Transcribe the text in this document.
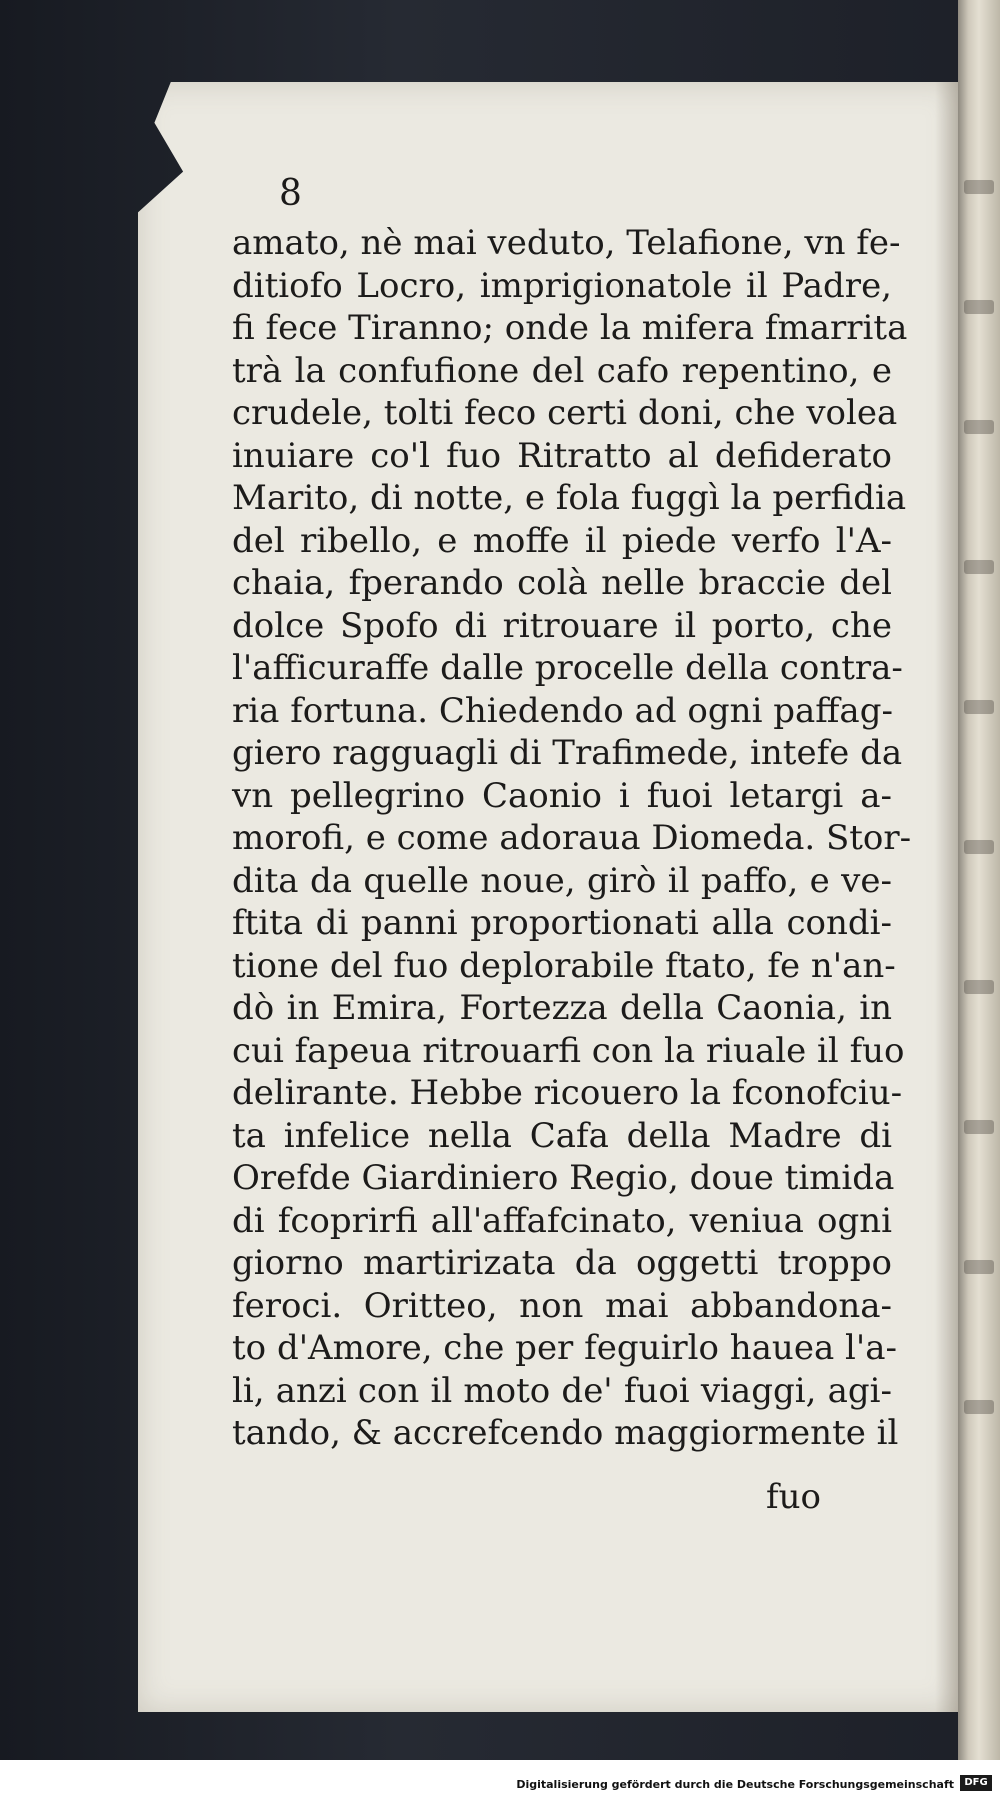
8
amato, nè mai veduto, Telafione, vn fe-
ditiofo Locro, imprigionatole il Padre,
fi fece Tiranno; onde la mifera fmarrita
trà la confufione del cafo repentino, e
crudele, tolti feco certi doni, che volea
inuiare co'l fuo Ritratto al defiderato
Marito, di notte, e fola fuggì la perfidia
del ribello, e moffe il piede verfo l'A-
chaia, fperando colà nelle braccie del
dolce Spofo di ritrouare il porto, che
l'afficuraffe dalle procelle della contra-
ria fortuna. Chiedendo ad ogni paffag-
giero ragguagli di Trafimede, intefe da
vn pellegrino Caonio i fuoi letargi a-
morofi, e come adoraua Diomeda. Stor-
dita da quelle noue, girò il paffo, e ve-
ftita di panni proportionati alla condi-
tione del fuo deplorabile ftato, fe n'an-
dò in Emira, Fortezza della Caonia, in
cui fapeua ritrouarfi con la riuale il fuo
delirante. Hebbe ricouero la fconofciu-
ta infelice nella Cafa della Madre di
Orefde Giardiniero Regio, doue timida
di fcoprirfi all'affafcinato, veniua ogni
giorno martirizata da oggetti troppo
feroci. Oritteo, non mai abbandona-
to d'Amore, che per feguirlo hauea l'a-
li, anzi con il moto de' fuoi viaggi, agi-
tando, & accrefcendo maggiormente il
fuo
Digitalisierung gefördert durch die Deutsche Forschungsgemeinschaft	DFG
